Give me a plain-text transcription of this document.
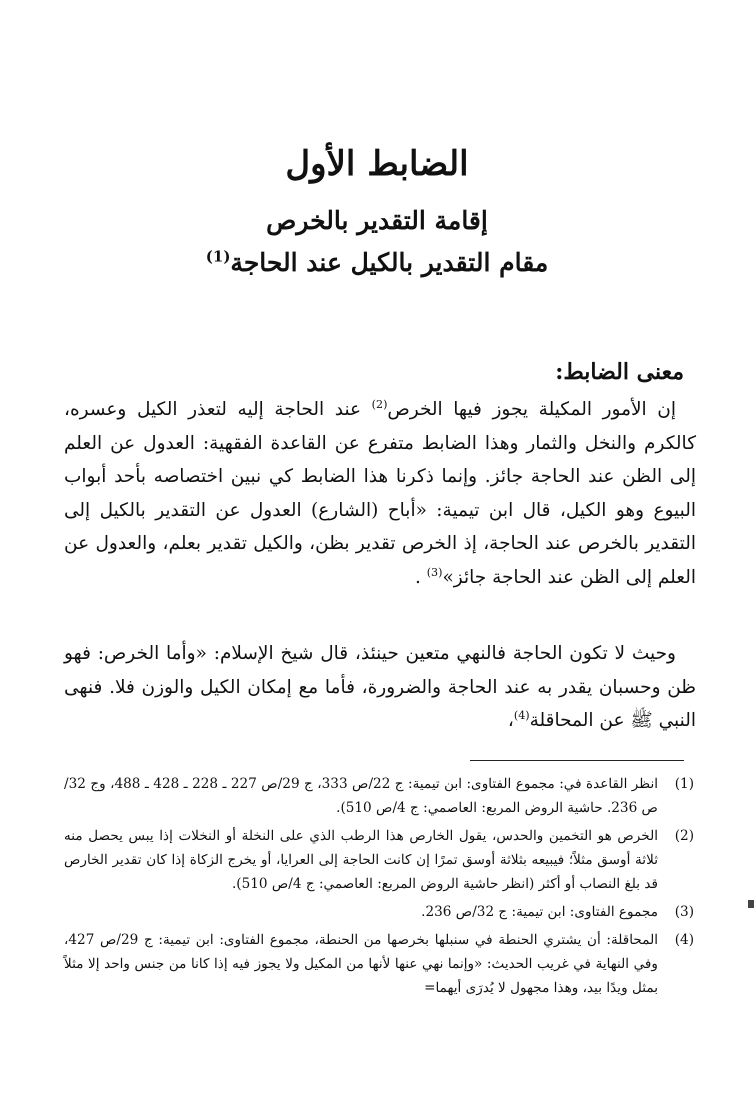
الضابط الأول
إقامة التقدير بالخرص
مقام التقدير بالكيل عند الحاجة$^{(1)}$
معنى الضابط:

إن الأمور المكيلة يجوز فيها الخرص$^{(2)}$ عند الحاجة إليه لتعذر الكيل وعسره، كالكرم والنخل والثمار وهذا الضابط متفرع عن القاعدة الفقهية: العدول عن العلم إلى الظن عند الحاجة جائز. وإنما ذكرنا هذا الضابط كي نبين اختصاصه بأحد أبواب البيوع وهو الكيل، قال ابن تيمية: «أباح (الشارع) العدول عن التقدير بالكيل إلى التقدير بالخرص عند الحاجة، إذ الخرص تقدير بظن، والكيل تقدير بعلم، والعدول عن العلم إلى الظن عند الحاجة جائز»$^{(3)}$ .

وحيث لا تكون الحاجة فالنهي متعين حينئذ، قال شيخ الإسلام: «وأما الخرص: فهو ظن وحسبان يقدر به عند الحاجة والضرورة، فأما مع إمكان الكيل والوزن فلا. فنهى النبي ﷺ عن المحاقلة$^{(4)}$،

(1)
انظر القاعدة في: مجموع الفتاوى: ابن تيمية: ج 22/ص 333، ج 29/ص 227 ـ 228 ـ 428 ـ 488، وج 32/ص 236. حاشية الروض المربع: العاصمي: ج 4/ص 510).
(2)
الخرص هو التخمين والحدس، يقول الخارص هذا الرطب الذي على النخلة أو النخلات إذا يبس يحصل منه ثلاثة أوسق مثلاً؛ فيبيعه بثلاثة أوسق تمرًا إن كانت الحاجة إلى العرايا، أو يخرج الزكاة إذا كان تقدير الخارص قد بلغ النصاب أو أكثر (انظر حاشية الروض المربع: العاصمي: ج 4/ص 510).
(3)
مجموع الفتاوى: ابن تيمية: ج 32/ص 236.
(4)
المحاقلة: أن يشتري الحنطة في سنبلها بخرصها من الحنطة، مجموع الفتاوى: ابن تيمية: ج 29/ص 427، وفي النهاية في غريب الحديث: «وإنما نهي عنها لأنها من المكيل ولا يجوز فيه إذا كانا من جنس واحد إلا مثلاً بمثل ويدًا بيد، وهذا مجهول لا يُدرَى أيهما=
